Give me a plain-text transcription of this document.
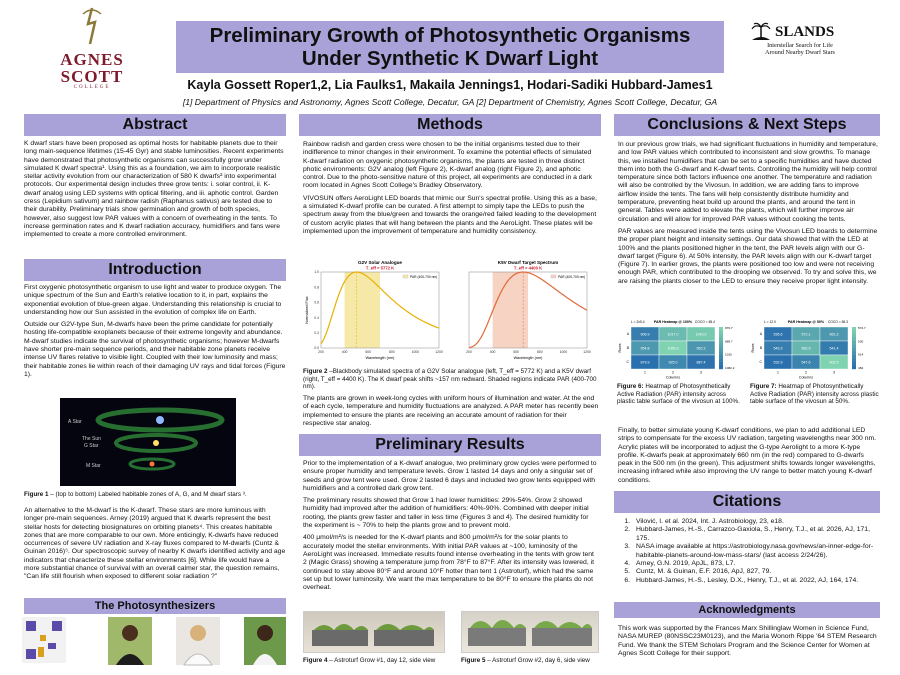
AGNES
SCOTT
COLLEGE
Preliminary Growth of Photosynthetic Organisms
Under Synthetic K Dwarf Light
SLANDS
Interstellar Search for Life
Around Nearby Dwarf Stars
Kayla Gossett Roper1,2, Lia Faulks1, Makaila Jennings1, Hodari-Sadiki Hubbard-James1
[1] Department of Physics and Astronomy, Agnes Scott College, Decatur, GA [2] Department of Chemistry, Agnes Scott College, Decatur, GA
Abstract
K dwarf stars have been proposed as optimal hosts for habitable planets due to their long main-sequence lifetimes (15-45 Gyr) and stable luminosities. Recent experiments have demonstrated that photosynthetic organisms can successfully grow under simulated K dwarf spectra¹. Using this as a foundation, we aim to incorporate realistic stellar activity evolution from our characterization of 580 K dwarfs² into experimental protocols. Our experimental design includes three grow tents: i. solar control, ii. K-dwarf analog using LED systems with optical filtering, and iii. aphotic control. Garden cress (Lepidium sativum) and rainbow radish (Raphanus sativus) are tested due to their durability. Preliminary trials show germination and growth of both species, however, also suggest low PAR values with a concern of overheating in the tents. To increase germination rates and K dwarf radiation accuracy, humidifiers and fans were implemented to create a more controlled environment.
Introduction

First oxygenic photosynthetic organism to use light and water to produce oxygen. The unique spectrum of the Sun and Earth's relative location to it, in part, explains the exponential evolution of blue-green algae. Understanding this relationship is crucial to understanding how our Sun assisted in the evolution of complex life on Earth.

Outside our G2V-type Sun, M-dwarfs have been the prime candidate for potentially hosting life-compatible exoplanets because of their extreme longevity and abundance. M-dwarf studies indicate the survival of photosynthetic organisms; however M-dwarfs have shorter pre-main sequence periods, and their habitable zone planets receive intense UV flares relative to visible light. Coupled with their low luminosity and mass; their habitable zones lie within reach of their damaging UV rays and tidal forces (Figure 1).

A Star
The Sun
G Star
M Star
Figure 1 – (top to bottom) Labeled habitable zones of A, G, and M dwarf stars ³.
An alternative to the M-dwarf is the K-dwarf. These stars are more luminous with longer pre-main sequences. Arney (2019) argued that K dwarfs represent the best stellar hosts for detecting biosignatures on orbiting planets⁴. This creates habitable zones that are more comparable to our own. More enticingly, K-dwarfs have reduced occurrences of severe UV radiation and X-ray fluxes compared to M-dwarfs (Cuntz & Guinan 2016)⁵. Our spectroscopic survey of nearby K dwarfs identified activity and age indicators that characterize these stellar environments [6]. While life would have a more substantial chance of survival with an overall calmer star, the question remains, "Can life still flourish when exposed to different solar radiation ?"
The Photosynthesizers
Methods

Rainbow radish and garden cress were chosen to be the initial organisms tested due to their indifference to minor changes in their environment. To examine the potential effects of simulated K-dwarf radiation on oxygenic photosynthetic organisms, the plants are tested in three distinct photic environments: G2V analog (left Figure 2), K-dwarf analog (right Figure 2), and aphotic control. Due to the photo-sensitive nature of this project, all experiments are conducted in a dark room located in Agnes Scott College's Bradley Observatory.

VIVOSUN offers AeroLight LED boards that mimic our Sun's spectral profile. Using this as a base, a simulated K-dwarf profile can be curated. A first attempt to simply tape the LEDs to push the spectrum away from the blue/green and towards the orange/red failed leading to the development of custom acrylic plates that will hang between the plants and the AeroLight. These plates will be implemented upon the improvement of temperature and humidity consistency.

G2V Solar Analogue
T_eff = 5772 K
PAR (400-700 nm)
200	400	600	800	1000	1200
0.0
0.2
0.4
0.6
0.8
1.0
Wavelength (nm)
Normalized Flux
K5V Dwarf Target Spectrum
T_eff = 4400 K
PAR (400-700 nm)
200	400	600	800	1000	1200
Wavelength (nm)
Figure 2 –Blackbody simulated spectra of a G2V Solar analogue (left, T_eff = 5772 K) and a K5V dwarf (right, T_eff = 4400 K). The K dwarf peak shifts ~157 nm redward. Shaded regions indicate PAR (400-700 nm).
The plants are grown in week-long cycles with uniform hours of illumination and water. At the end of each cycle, temperature and humidity fluctuations are analyzed. A PAR meter has recently been implemented to ensure the plants are receiving an accurate amount of radiation for their respective star analog.
Preliminary Results

Prior to the implementation of a K-dwarf analogue, two preliminary grow cycles were performed to ensure proper humidity and temperature levels. Grow 1 lasted 14 days and only a singular set of seeds and grow tent were used. Grow 2 lasted 6 days and included two grow tents equipped with humidifiers and a controlled dark grow tent.

The preliminary results showed that Grow 1 had lower humidities: 29%-54%. Grow 2 showed humidity had improved after the addition of humidifiers: 40%-90%. Combined with deeper initial rooting, the plants grew faster and taller in less time (Figures 3 and 4). The desired humidity for the experiment is ~ 70% to help the plants grow and to prevent mold.

400 μmol/m²/s is needed for the K-dwarf plants and 800 μmol/m²/s for the solar plants to accurately model the stellar environments. With initial PAR values at ~100, luminosity of the AeroLight was increased. Immediate results found intense overheating in the tents with grow tent 2 (Magic Grass) showing a temperature jump from 78°F to 87°F. After its intensity was lowered, it continued to stay above 80°F and around 10°F hotter than tent 1 (Astroturf), which had the same set up but lower luminosity. We want the max temperature to be 80°F to ensure the plants do not overheat.

Figure 4 – Astroturf Grow #1, day 12, side view	Figure 5 – Astroturf Grow #2, day 6, side view
Conclusions & Next Steps

In our previous grow trials, we had significant fluctuations in humidity and temperature, and low PAR values which contributed to inconsistent and slow growths. To manage this, we installed humidifiers that can be set to a specific humidities and have ducted them into both the G-dwarf and K-dwarf tents. Controlling the humidity will help control temperature since both factors influence one another. The temperature and radiation will also be controlled by the Vivosun. In addition, we are adding fans to improve airflow inside the tents. The fans will help consistently distribute humidity and temperature, preventing heat build up around the plants, and around the tent in general. Tables were added to elevate the plants, which will further improve air circulation and will allow for improved PAR values without cooking the tents.

PAR values are measured inside the tents using the Vivosun LED boards to determine the proper plant height and intensity settings. Our data showed that with the LED at 100% and the plants positioned higher in the tent, the PAR levels align with our G-dwarf target (Figure 6). At 50% intensity, the PAR levels align with our K-dwarf target (Figure 7). In earlier grows, the plants were positioned too low and were not receiving enough PAR, which contributed to the drooping we observed. To try and solve this, we are raising the plants closer to the LED to ensure they receive proper light intensity.

L = 2x5.4	PAR Heatmap @ 100% COCO = 65.4
906.9	1017.0	1043.0
A
954.8	1059.3	952.2
B
879.9	925.0	887.4
C
1	2	3
Columns
Rows
870.7
889.7
1015
1082.2
L = 12.0	PAR Heatmap @ 50% COCO = 65.3
536.6	572.1	561.3
A
543.3	582.9	541.4
B
532.9	547.6	602.5
C
1	2	3
Columns
Rows
572.7
530
514
484
Figure 6: Heatmap of Photosynthetically Active Radiation (PAR) intensity across plastic table surface of the vivosun at 100%.
Figure 7: Heatmap of Photosynthetically Active Radiation (PAR) intensity across plastic table surface of the vivosun at 50%.
Finally, to better simulate young K-dwarf conditions, we plan to add additional LED strips to compensate for the excess UV radiation, targeting wavelengths near 300 nm. Acrylic plates will be incorporated to adjust the G-type Aerolight to a more K-type profile. K-dwarfs peak at approximately 660 nm (in the red) compared to G-dwarfs peak in the 500 nm (in the green). This adjustment shifts towards longer wavelengths, increasing infrared while also improving the UV range to better match young K-dwarf conditions.
Citations
1. Vilović, I. et al. 2024, Int. J. Astrobiology, 23, e18.
2. Hubbard-James, H.-S., Carrazco-Gaxiola, S., Henry, T.J., et al. 2026, AJ, 171, 175.
3. NASA image available at https://astrobiology.nasa.gov/news/an-inner-edge-for-habitable-planets-around-low-mass-stars/ (last access 2/24/26).
4. Arney, G.N. 2019, ApJL, 873, L7.
5. Cuntz, M. & Guinan, E.F. 2016, ApJ, 827, 79.
6. Hubbard-James, H.-S., Lesley, D.X., Henry, T.J., et al. 2022, AJ, 164, 174.
Acknowledgments
This work was supported by the Frances Marx Shillinglaw Women in Science Fund, NASA MUREP (80NSSC23M0123), and the Maria Wonorh Rippe '64 STEM Research Fund. We thank the STEM Scholars Program and the Science Center for Women at Agnes Scott College for their support.
